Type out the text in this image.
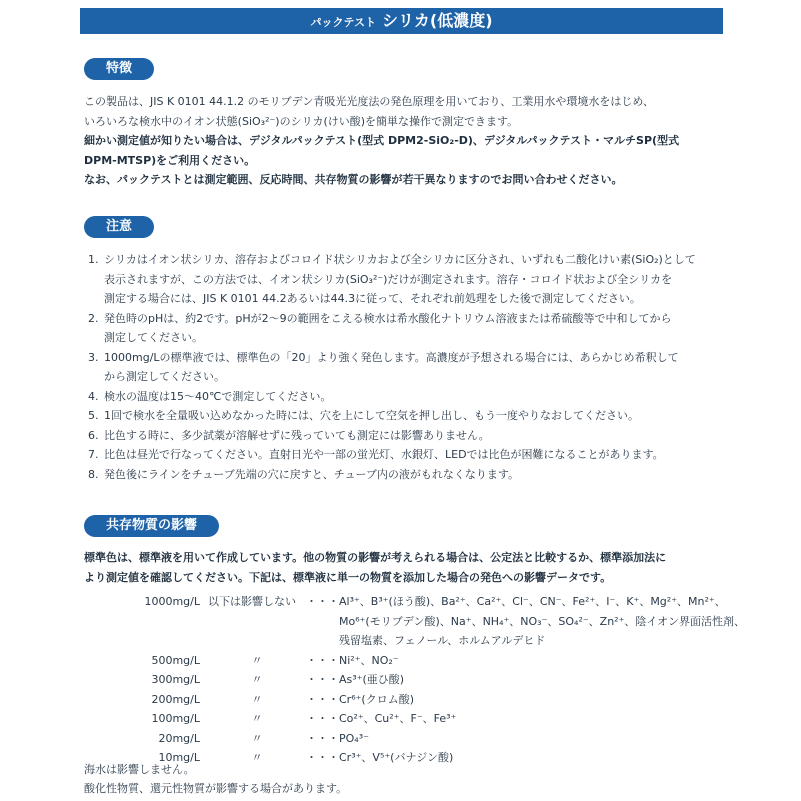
パックテスト シリカ(低濃度)
特徴
この製品は、JIS K 0101 44.1.2 のモリブデン青吸光光度法の発色原理を用いており、工業用水や環境水をはじめ、
いろいろな検水中のイオン状態(SiO₃²⁻)のシリカ(けい酸)を簡単な操作で測定できます。
細かい測定値が知りたい場合は、デジタルパックテスト(型式 DPM2-SiO₂-D)、デジタルパックテスト・マルチSP(型式
DPM-MTSP)をご利用ください。
なお、パックテストとは測定範囲、反応時間、共存物質の影響が若干異なりますのでお問い合わせください。
注意
1. シリカはイオン状シリカ、溶存およびコロイド状シリカおよび全シリカに区分され、いずれも二酸化けい素(SiO₂)として
表示されますが、この方法では、イオン状シリカ(SiO₃²⁻)だけが測定されます。溶存・コロイド状および全シリカを
測定する場合には、JIS K 0101 44.2あるいは44.3に従って、それぞれ前処理をした後で測定してください。
2. 発色時のpHは、約2です。pHが2〜9の範囲をこえる検水は希水酸化ナトリウム溶液または希硫酸等で中和してから
測定してください。
3. 1000mg/Lの標準液では、標準色の「20」より強く発色します。高濃度が予想される場合には、あらかじめ希釈して
から測定してください。
4. 検水の温度は15〜40℃で測定してください。
5. 1回で検水を全量吸い込めなかった時には、穴を上にして空気を押し出し、もう一度やりなおしてください。
6. 比色する時に、多少試薬が溶解せずに残っていても測定には影響ありません。
7. 比色は昼光で行なってください。直射日光や一部の蛍光灯、水銀灯、LEDでは比色が困難になることがあります。
8. 発色後にラインをチューブ先端の穴に戻すと、チューブ内の液がもれなくなります。
共存物質の影響
標準色は、標準液を用いて作成しています。他の物質の影響が考えられる場合は、公定法と比較するか、標準添加法に
より測定値を確認してください。下記は、標準液に単一の物質を添加した場合の発色への影響データです。
1000mg/L	以下は影響しない	・・・	Al³⁺、B³⁺(ほう酸)、Ba²⁺、Ca²⁺、Cl⁻、CN⁻、Fe²⁺、I⁻、K⁺、Mg²⁺、Mn²⁺、
Mo⁶⁺(モリブデン酸)、Na⁺、NH₄⁺、NO₃⁻、SO₄²⁻、Zn²⁺、陰イオン界面活性剤、
残留塩素、フェノール、ホルムアルデヒド

500mg/L	〃	・・・	Ni²⁺、NO₂⁻
300mg/L	〃	・・・	As³⁺(亜ひ酸)
200mg/L	〃	・・・	Cr⁶⁺(クロム酸)
100mg/L	〃	・・・	Co²⁺、Cu²⁺、F⁻、Fe³⁺
20mg/L	〃	・・・	PO₄³⁻
10mg/L	〃	・・・	Cr³⁺、V⁵⁺(バナジン酸)
海水は影響しません。
酸化性物質、還元性物質が影響する場合があります。
